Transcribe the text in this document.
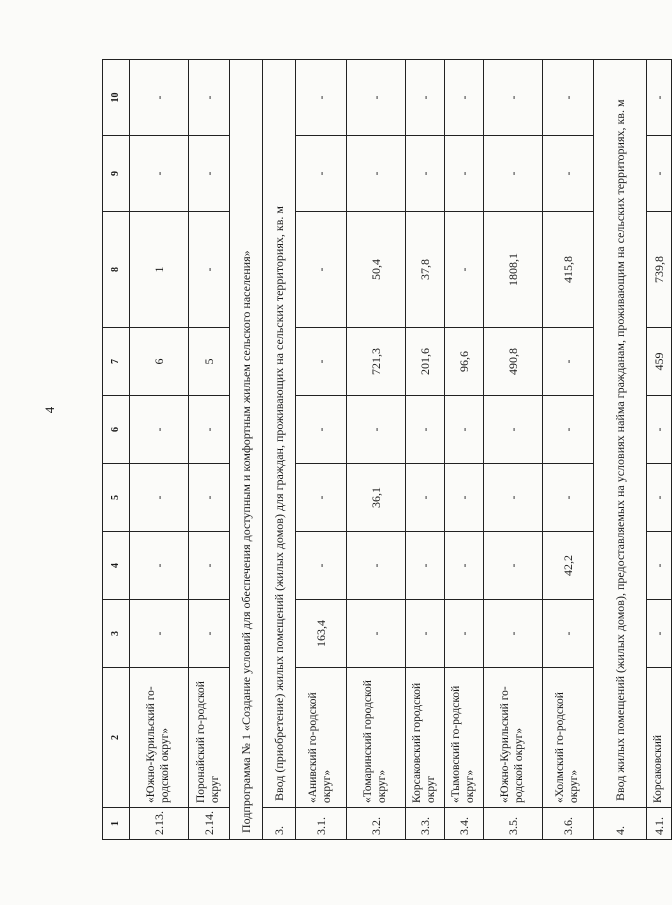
4
1	2	3	4	5	6	7	8	9	10
2.13.	«Южно-Курильский го-родской округ»	-	-	-	-	6	1	-	-
2.14.	Поронайский го-родской округ	-	-	-	-	5	-	-	-
Подпрограмма № 1 «Создание условий для обеспечения доступным и комфортным жильем сельского населения»									
3.	Ввод (приобретение) жилых помещений (жилых домов) для граждан, проживающих на сельских территориях, кв. м								
3.1.	«Анивский го-родской округ»	163,4	-	-	-	-	-	-	-
3.2.	«Томаринский городской округ»	-	-	36,1	-	721,3	50,4	-	-
3.3.	Корсаковский городской округ	-	-	-	-	201,6	37,8	-	-
3.4.	«Тымовский го-родской округ»	-	-	-	-	96,6	-	-	-
3.5.	«Южно-Курильский го-родской округ»	-	-	-	-	490,8	1808,1	-	-
3.6.	«Холмский го-родской округ»	-	42,2	-	-	-	415,8	-	-
4.	Ввод жилых помещений (жилых домов), предоставляемых на условиях найма гражданам, проживающим на сельских территориях, кв. м								
4.1.	Корсаковский	-	-	-	-	459	739,8	-	-
